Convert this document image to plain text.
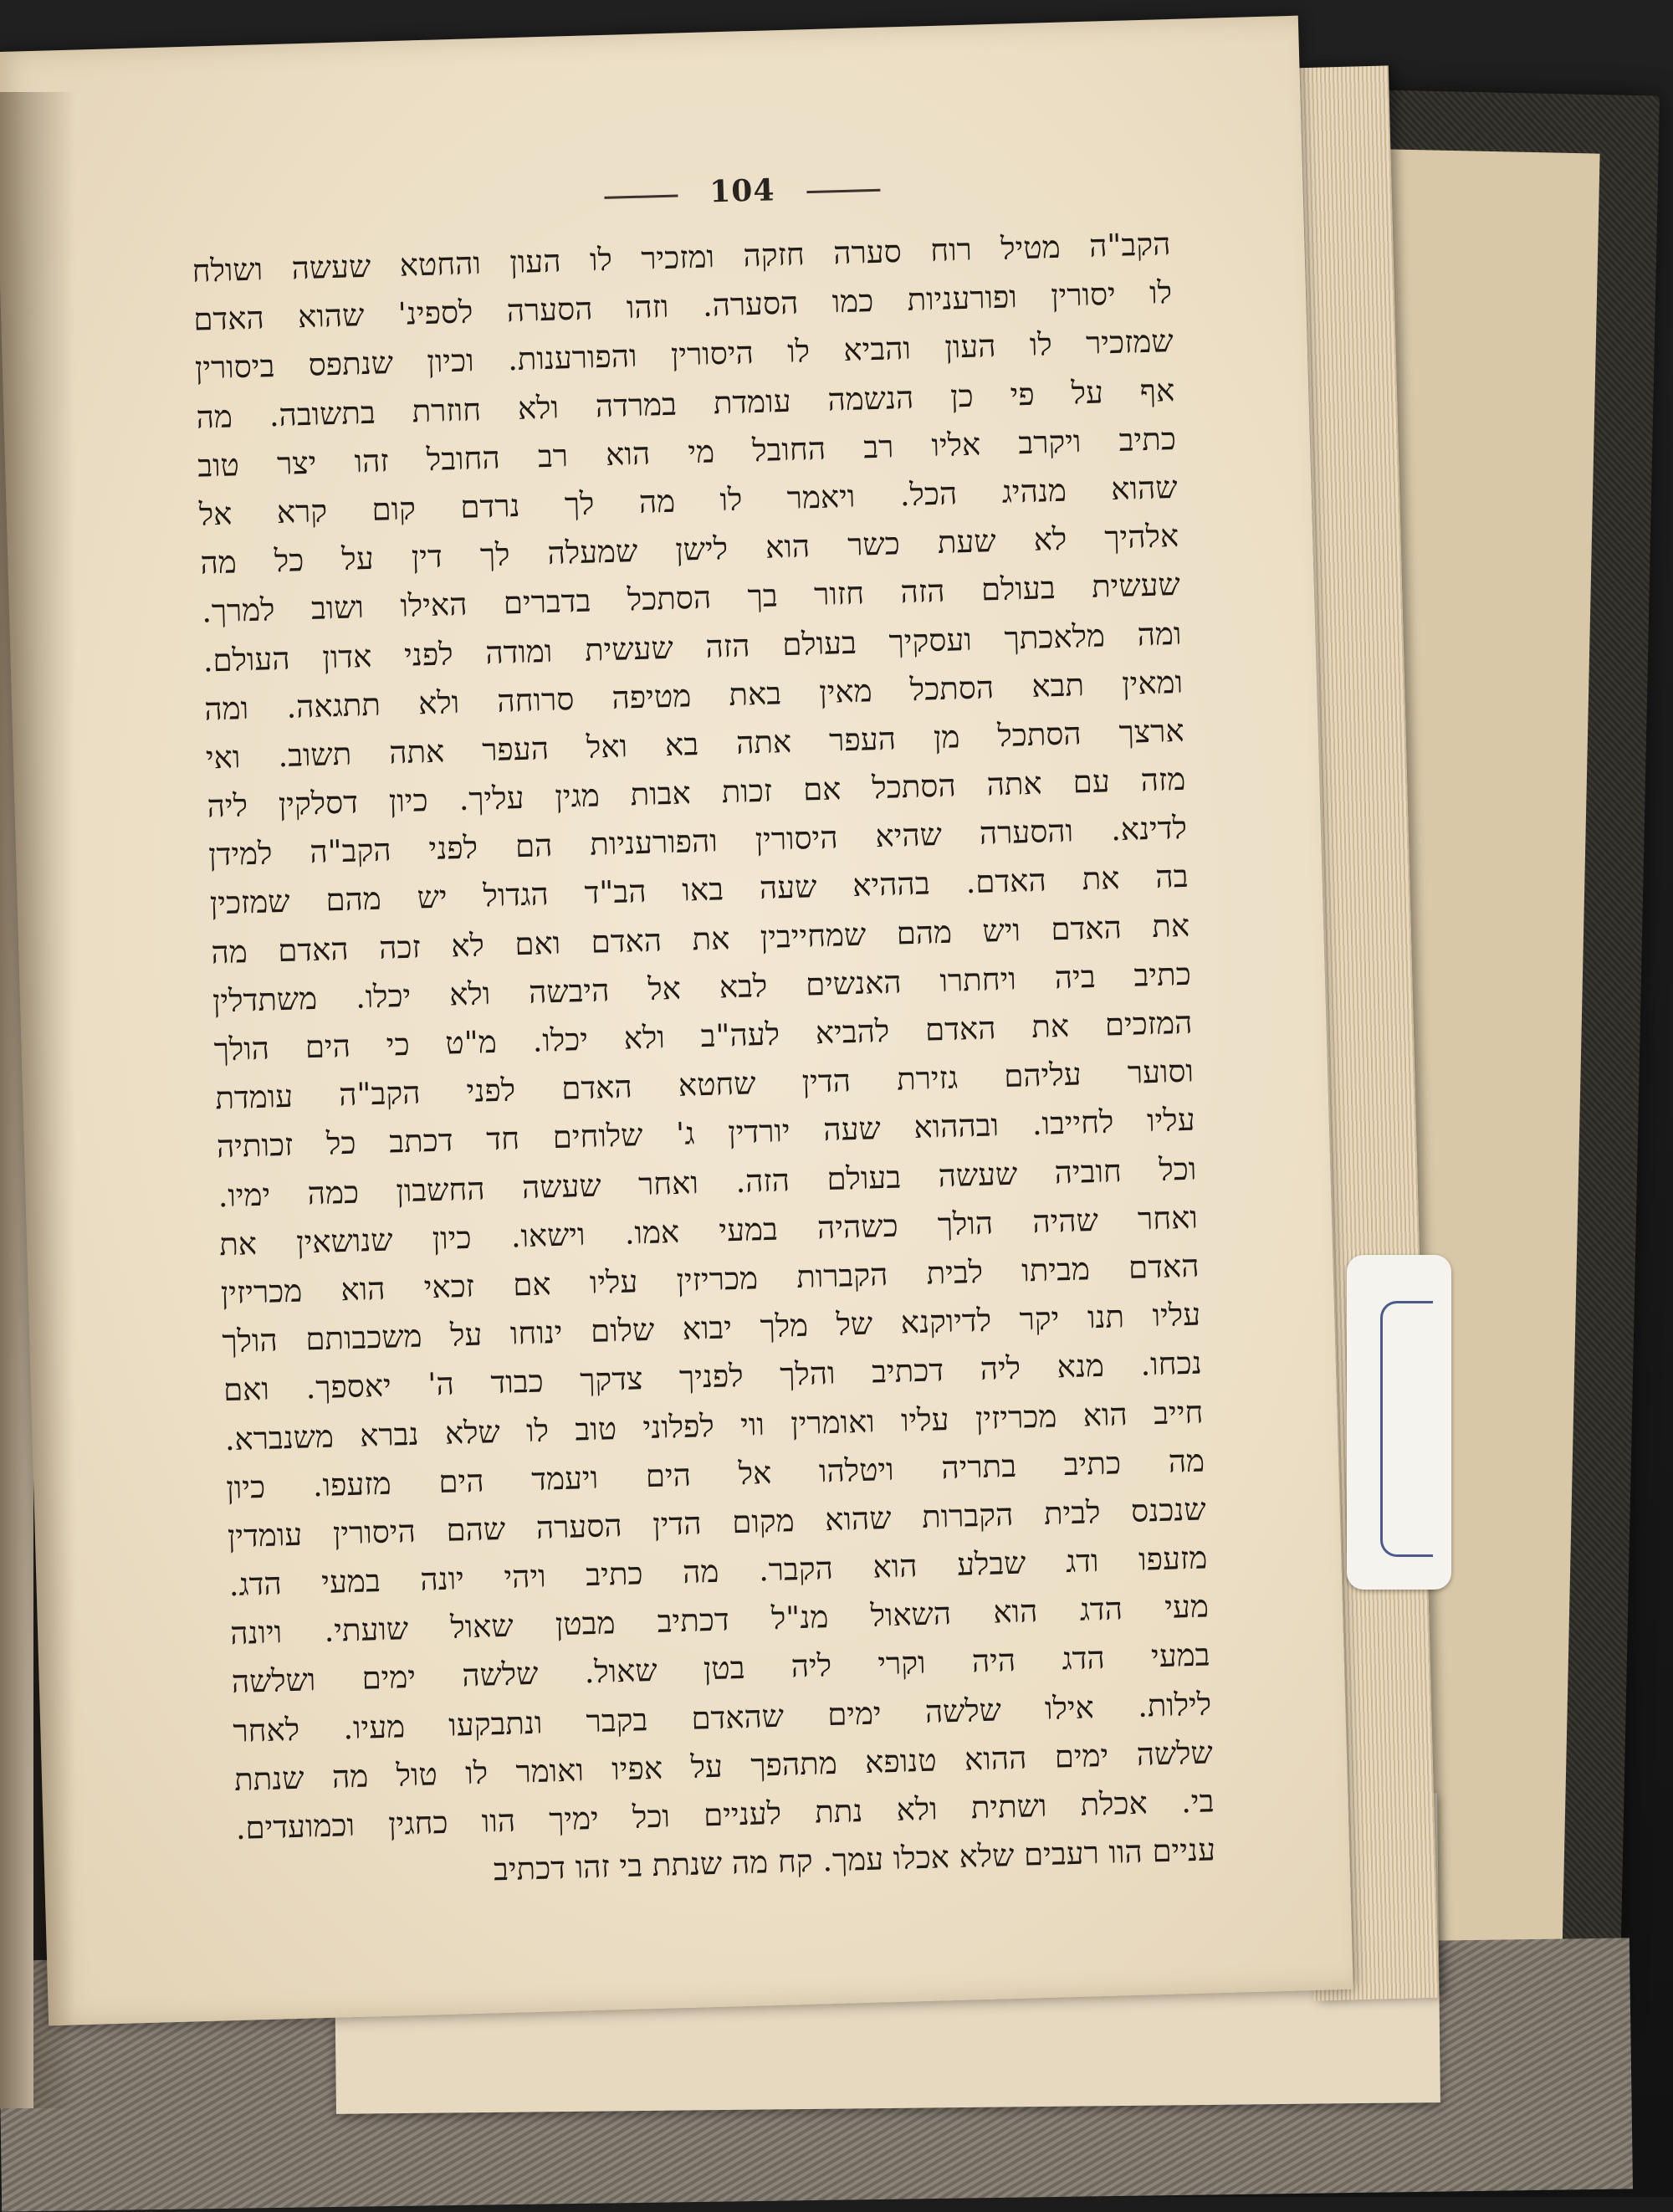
104
הקב"ה מטיל רוח סערה חזקה ומזכיר לו העון והחטא שעשה ושולח
לו יסורין ופורעניות כמו הסערה. וזהו הסערה לספינ' שהוא האדם
שמזכיר לו העון והביא לו היסורין והפורענות. וכיון שנתפס ביסורין
אף על פי כן הנשמה עומדת במרדה ולא חוזרת בתשובה. מה
כתיב ויקרב אליו רב החובל מי הוא רב החובל זהו יצר טוב
שהוא מנהיג הכל. ויאמר לו מה לך נרדם קום קרא אל
אלהיך לא שעת כשר הוא לישן שמעלה לך דין על כל מה
שעשית בעולם הזה חזור בך הסתכל בדברים האילו ושוב למרך.
ומה מלאכתך ועסקיך בעולם הזה שעשית ומודה לפני אדון העולם.
ומאין תבא הסתכל מאין באת מטיפה סרוחה ולא תתגאה. ומה
ארצך הסתכל מן העפר אתה בא ואל העפר אתה תשוב. ואי
מזה עם אתה הסתכל אם זכות אבות מגין עליך. כיון דסלקין ליה
לדינא. והסערה שהיא היסורין והפורעניות הם לפני הקב"ה למידן
בה את האדם. בההיא שעה באו הב"ד הגדול יש מהם שמזכין
את האדם ויש מהם שמחייבין את האדם ואם לא זכה האדם מה
כתיב ביה ויחתרו האנשים לבא אל היבשה ולא יכלו. משתדלין
המזכים את האדם להביא לעה"ב ולא יכלו. מ"ט כי הים הולך
וסוער עליהם גזירת הדין שחטא האדם לפני הקב"ה עומדת
עליו לחייבו. ובההוא שעה יורדין ג' שלוחים חד דכתב כל זכותיה
וכל חוביה שעשה בעולם הזה. ואחר שעשה החשבון כמה ימיו.
ואחר שהיה הולך כשהיה במעי אמו. וישאו. כיון שנושאין את
האדם מביתו לבית הקברות מכריזין עליו אם זכאי הוא מכריזין
עליו תנו יקר לדיוקנא של מלך יבוא שלום ינוחו על משכבותם הולך
נכחו. מנא ליה דכתיב והלך לפניך צדקך כבוד ה' יאספך. ואם
חייב הוא מכריזין עליו ואומרין ווי לפלוני טוב לו שלא נברא משנברא.
מה כתיב בתריה ויטלהו אל הים ויעמד הים מזעפו. כיון
שנכנס לבית הקברות שהוא מקום הדין הסערה שהם היסורין עומדין
מזעפו ודג שבלע הוא הקבר. מה כתיב ויהי יונה במעי הדג.
מעי הדג הוא השאול מנ"ל דכתיב מבטן שאול שועתי. ויונה
במעי הדג היה וקרי ליה בטן שאול. שלשה ימים ושלשה
לילות. אילו שלשה ימים שהאדם בקבר ונתבקעו מעיו. לאחר
שלשה ימים ההוא טנופא מתהפך על אפיו ואומר לו טול מה שנתת
בי. אכלת ושתית ולא נתת לעניים וכל ימיך הוו כחגין וכמועדים.
עניים הוו רעבים שלא אכלו עמך. קח מה שנתת בי זהו דכתיב
